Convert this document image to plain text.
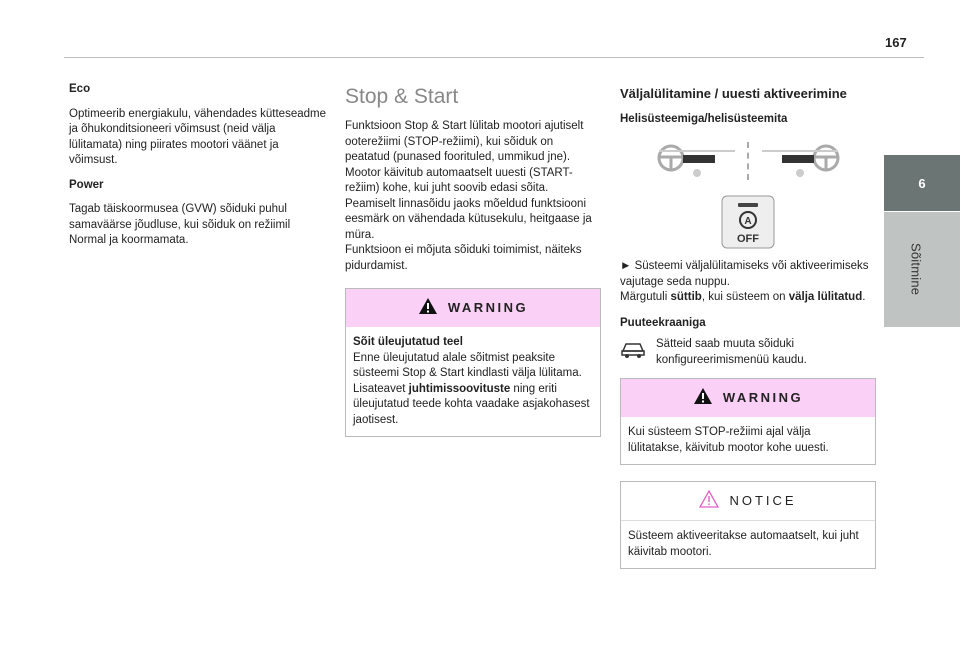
167
6
Sõitmine
Eco

Optimeerib energiakulu, vähendades kütteseadme ja õhukonditsioneeri võimsust (neid välja lülitamata) ning piirates mootori väänet ja võimsust.

Power

Tagab täiskoormusea (GVW) sõiduki puhul samaväärse jõudluse, kui sõiduk on režiimil Normal ja koormamata.

Stop & Start

Funktsioon Stop & Start lülitab mootori ajutiselt ooterežiimi (STOP-režiimi), kui sõiduk on peatatud (punased foorituled, ummikud jne).

Mootor käivitub automaatselt uuesti (START-režiim) kohe, kui juht soovib edasi sõita.

Peamiselt linnasõidu jaoks mõeldud funktsiooni eesmärk on vähendada kütusekulu, heitgaase ja müra.

Funktsioon ei mõjuta sõiduki toimimist, näiteks pidurdamist.

WARNING
Sõit üleujutatud teel

Enne üleujutatud alale sõitmist peaksite süsteemi Stop & Start kindlasti välja lülitama.

Lisateavet juhtimissoovituste ning eriti üleujutatud teede kohta vaadake asjakohasest jaotisest.

Väljalülitamine / uuesti aktiveerimine
Helisüsteemiga/helisüsteemita
A
OFF

► Süsteemi väljalülitamiseks või aktiveerimiseks vajutage seda nuppu.

Märgutuli süttib, kui süsteem on välja lülitatud.

Puuteekraaniga

Sätteid saab muuta sõiduki konfigureerimismenüü kaudu.

WARNING

Kui süsteem STOP-režiimi ajal välja lülitatakse, käivitub mootor kohe uuesti.

NOTICE

Süsteem aktiveeritakse automaatselt, kui juht käivitab mootori.
